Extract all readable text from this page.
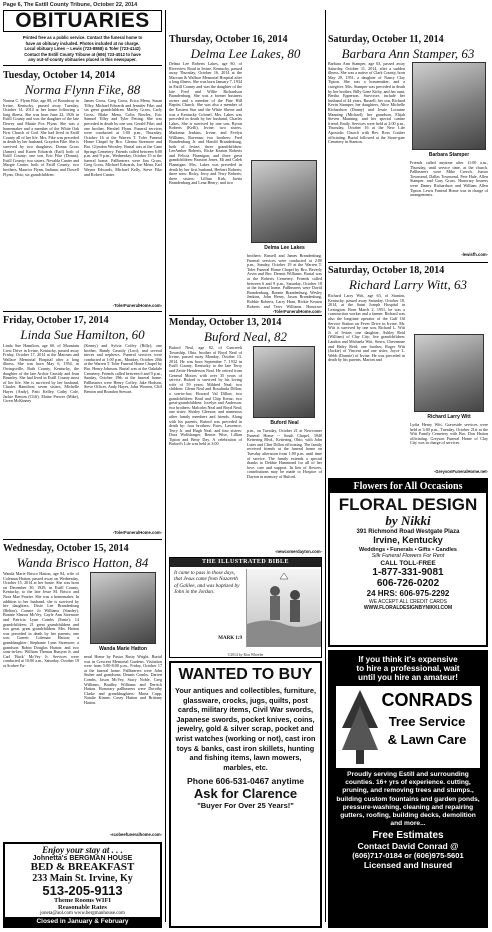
Page 6, The Estill County Tribune, October 22, 2014
OBITUARIES
Printed free as a public service. Contact the funeral home to
have an obituary included. Photos included at no charge.
Local obituary Lines -- Lewis (723-8868) & Toler (723-4142)
Contact the Estill County Tribune at (606) 723-4012 to have
any out-of-county obituaries placed in this newspaper.
Tuesday, October 14, 2014
Norma Flynn Fike, 88
Norma C. Flynn Fike, age 88, of Broadway in Irvine, Kentucky, passed away Tuesday, October 14, 2014 at her home following a long illness. She was born June 22, 1926 in Estill County and was the daughter of the late Dewey and Mattie Fox Flynn. She was a homemaker and a member of the White Oak First Church of God. She had lived in Estill County all of her life. Mrs. Fike was preceded in death by her husband, Graydon Fike. She is survived by two daughters, Donna Gross (James) and Karen Edwards (Earl) both of Estill County; one son, Eric Fike (Donna), Estill County; two sisters, Nevalda Canter and Margie Canter, both of Estill County; two brothers, Maurice Flynn, Indiana; and Dowell Flynn, Ohio; six grandchildren:
James Gross, Greg Gross, Erica Mena, Susan Tilley, Michael Edwards and Jennifer Fike; and six great grandchildren: Marley Gross, Carly Gross, Blake Mena, Colin Bowles, Eric Samuel Tilley and Tyler Fetting. She was preceded in death by one son, Gerald Fike; and one brother, Hershel Flynn. Funeral services were conducted at 1:00 p.m., Thursday, October 16 at the Warren T. Toler Funeral Home Chapel by Bro. Glenna Sizemore and Bro. Glyndon Woosley. Burial was at the Cane Springs Cemetery. Friends called between 6:00 p.m. and 9 p.m., Wednesday, October 15 at the funeral home. Pallbearers were Jim Gross, Greg Gross, Michael Edwards, Joe Mena, Earl Wayne Edwards, Michael Kelly, Steve Fike and Robert Canter.
-TolerFuneralHome.com-
Friday, October 17, 2014
Linda Sue Hamilton, 60
Linda Sue Hamilton, age 60, of Mountain Crest Drive in Irvine, Kentucky, passed away Friday, October 17, 2014 at the Marcum and Wallace Memorial Hospital after a long illness. She was born May 6, 1954, in Owingsville, Bath County, Kentucky, the daughter of the late Archie Cassidy and Jean Brumley. She had lived in Estill County most of her life. She is survived by her husband, Charles Hamilton; seven sisters, Michelle Hayes (Andy), Patti Kelley, Cathy Cole, Jackie Benton (Cliff), Elaine Prewer (Mike), Gwen McKinney
(Kenny) and Sylvia Coffey (Billy); one brother, Randy Cassidy (Lori); and several nieces and nephews. Funeral services were conducted at 1:00 p.m., Monday, October 20th at the Warren T. Toler Funeral Home Chapel by Bro. Henry Johnson. Burial was at the Oakdale Cemetery. Friends called between 6 and 9 p.m., Sunday, October 19th at the funeral home. Pallbearers were Henry Coffey, Jake Hodson, Steve Officer, Andy Hayes, John Wooten, Cliff Benton and Brandon Stewart.
-TolerFuneralHome.com-
Wednesday, October 15, 2014
Wanda Brisco Hatton, 84
Wanda Marie Brisco Hatton, age 84, wife of Coleman Hatton, passed away on Wednesday, October 15, 2014 at her home. She was born on December 30, 1929, in Estill County, Kentucky, to the late Jesse M. Brisco and Nora Mae Frazier. She was a homemaker. In addition to her husband, she is survived by her daughters, Dixie Lee Brandenburg (Belton), Connie Jo Williams (Stanley), Bonnie Sharon McVey, Gayle Ann Sizemore and Patricia Lynn Combs (Ernie); 14 grandchildren; 21 great grandchildren and two great, great grandchildren. Mrs. Hatton was preceded in death by her parents; one son: Garrett Coleman Hatton; a granddaughter: Stephanie Lynn Sizemore; a grandson: Robin Douglas Hatton; and two sons-in-law: William Thomas Runyon Jr. and Carl 'Buck' McVey Jr. Services were conducted at 10:00 a.m., Saturday, October 18 at Scobee Fu-
Wanda Marie Hatton
neral Home by Pastor Rusty Wright. Burial was in Crescent Memorial Gardens. Visitation were from 5:00-8:00 p.m., Friday, October 17 at the funeral home. Pallbearers were John Stuber and grandsons: Dennis Combs, Darren Combs, Jason McVey, Stacy Noble, Greg Williams, Bradley Williams and Derrick Hatton. Honorary pallbearers were Dorothy Clarke and granddaughters: Maria Cupp, Natalie Kinner, Casey Hatton and Brittany Hatton.
-scobeefuneralhome.com-
Enjoy your stay at . . .
Johnetta's BERGMAN HOUSE
BED & BREAKFAST
233 Main St. Irvine, Ky
513-205-9113
Theme Rooms WIFI
Reasonable Rates
joneta@aol.com www.bergmanhouse.com
Closed in January & February
Thursday, October 16, 2014
Delma Lee Lakes, 80
Delma Lee Roberts Lakes, age 80, of Riverview Road in Irvine, Kentucky, passed away Thursday, October 16, 2014 at the Marcum & Wallace Memorial Hospital after a long illness. She was born January 7, 1934 in Estill County and was the daughter of the late Fred and Willie Richardson Brandenburg. She was a former business owner and a member of the Pine Hill Baptist Church. She was also a member of the Eastern Star and the White Shrine and was a Kentucky Colonel. Mrs. Lakes was preceded in death by her husband, Charles Lakes. She is survived by one son, Byron Roberts (Kelli), Irvine; two sisters, Madonna Jenkins, Irvine, and Evelyn Williams, Ravenna; two brothers: Fred Brandenburg Jr. and Harold Brandenburg, both of Irvine; three grandchildren: LeeAmber Roberts, Ricke Keaton Roberts and Felicia Flannigan; and three great grandchildren: Braxton Jones, Eli and Caleb Flannigan. Mrs. Lakes was preceded in death by her first husband, Herbert Roberts; three sons: Ricky, Jerry and Terry Roberts; three sisters: Lillian Kirk, Joetta Brandenburg and Lena Henry; and two
Delma Lee Lakes
brothers: Russell and James Brandenburg. Funeral services were conducted at 2:00 p.m., Sunday, October 19 at the Warren T. Toler Funeral Home Chapel by Bro. Beverly Arvin and Bro. Dennis Williams. Burial was at the Roberts Cemetery. Friends called between 6 and 9 p.m., Saturday, October 18 at the funeral home. Pallbearers were David Brandenburg, Ronnie Brandenburg, Wesley Jenkins, John Henry, Jason Brandenburg, Robbie Roberts, Larry Hunt, Rickie Keaton Roberts and Terry Williams. Honorary
-TolerFuneralHome.com-
Monday, October 13, 2014
Buford Neal, 82
Buford Neal, age 82, of Cancreek Township, Ohio, brother of Boyd Neal of Irvine, passed away Monday, October 13, 2014. He was born September 7, 1932 in Estill County, Kentucky to the late Terry and Zettie Henderson Neal. He retired from General Motors with over 35 years of service. Buford is survived by his loving wife of 59 years: Mildred Neal; two children: Glenn Neal and Rosalinda Dillon; a son-in-law, Howard Val Dillon; two grandchildren: Brad and Chip Kreuz; two great-grandchildren: Jocelyn and Anderson; two brothers: Malcolm Neal and Boyd Neal; one sister: Shirley Gleeson; and numerous other family members and friends. Along with his parents, Buford was preceded in death by: four brothers: Estes, Lawrence, Terry Jr. and Hugh Neal; and four sisters: Dora Wolfsbarger, Bernie Wise, Lillian Tipton and Betty Day. A celebration of Buford's Life was held at 3:00
Buford Neal
p.m., on Tuesday, October 21 at Newcomer Funeral Home -- South Chapel, 3940 Kettering Blvd., Kettering, Ohio, with John Lutes and Clint Dillon officiating. The family received friends at the funeral home on Tuesday afternoon from 1:00 p.m. until time of service. The family extends a special thanks to Debbie Hammond for all of her love, care and support. In lieu of flowers, contributions may be made to Hospice of Dayton in memory of Buford.
-newcomerdayton.com-
THE ILLUSTRATED BIBLE
It came to pass in those days, that Jesus came from Nazareth of Galilee, and was baptized by John in the Jordan.
MARK 1:9
©2014 by Ron Wheeler
WANTED TO BUY
Your antiques and collectibles, furniture, glassware, crocks, jugs, quilts, post cards, military items, Civil War swords, Japanese swords, pocket knives, coins, jewelry, gold & silver scrap, pocket and wrist watches (working or not), cast iron toys & banks, cast iron skillets, hunting and fishing items, lawn mowers, marbles, etc.
Phone 606-531-0467 anytime
Ask for Clarence
"Buyer For Over 25 Years!"
Saturday, October 11, 2014
Barbara Ann Stamper, 63
Barbara Ann Stamper, age 63, passed away Saturday, October 11, 2014, after a sudden illness. She was a native of Clark County, born May 29, 1951, a daughter of Nancy Clay Tipton. She was a homemaker, and a caregiver. Mrs. Stamper was preceded in death by her brother, Billy Gene Kirby, and her aunt, Bertha Epperson. Survivors include her husband of 44 years, Russell; her son, Richard Kevin Stamper; her daughters, Alice Michelle Richardson (Danny) and Jessie Lorraine Manning (Michael); her grandson, Elijah Steven Manning; and her special canine friend, Emily. Services were held at 2:00 p.m., Thursday, October 16 at the New Life Apostolic Church with Rev. Ross Coulter officiating. Burial followed at the Stone-gate Cemetery in Stanton.
Barbara Stamper
Friends called anytime after 11:00 a.m., Thursday, until service time, at the church. Pallbearers were Mike Creech, Junior Townsend, Dallas Townsend, Pete Hale, Allen Stamper, and Gary Gross. Honorary bearers were Danny Richardson and William Allen Tipton. Lewis Funeral Home was in charge of arrangements.
-lewisfh.com-
Saturday, October 18, 2014
Richard Larry Witt, 63
Richard Larry Witt, age 63, of Stanton, Kentucky, passed away Saturday, October 18, 2014, at the Saint Joseph Hospital in Lexington. Born March 2, 1951, he was a construction worker and a farmer. Richard was also the longtime operator of the Gulf Oil Service Station on Fever Drive in Irvine. Mr. Witt is survived by one son, Richard L. Witt Jr. of Irvine; one daughter, Ashley Reid (William) of Clay City; five grandchildren: Landon and Michaela Witt, Sierra, Chevennae and Haley Reid; one brother, Roger Witt (Jackie) of Vincent and one sister, Joyce L. Webb (Donnie) of Irvine. He was preceded in death by his parents, Marion and
Richard Larry Witt
Lydia Henry Witt. Graveside services were held at 3:00 p.m., Tuesday, October 21st at the Witt Family Cemetery with Bro. Don Hatton officiating. Greyson Funeral Home of Clay City was in charge of services.
-GreysonFuneralHome.net-
Flowers for All Occasions
FLORAL DESIGN
by Nikki
391 Richmond Road Westgate Plaza
Irvine, Kentucky
Weddings • Funerals • Gifts • Candles
Silk Funeral Flowers For Rent
CALL TOLL-FREE
1-877-331-9081
606-726-0202
24 HRS: 606-975-2292
WE ACCEPT ALL CREDIT CARDS
WWW.FLORALDESIGNBYNIKKI.COM
If you think it's expensive
to hire a professional, wait
until you hire an amateur!
CONRADS
Tree Service
& Lawn Care
Proudly serving Estill and surrounding counties. 16+ yrs of experience. cutting, pruning, and removing trees and stumps., building custom fountains and garden ponds, pressure-washing, cleaning and repairing gutters, roofing, building decks, demolition and more...
Free Estimates
Contact David Conrad @
(606)717-0184 or (606)975-5601
Licensed and Insured
